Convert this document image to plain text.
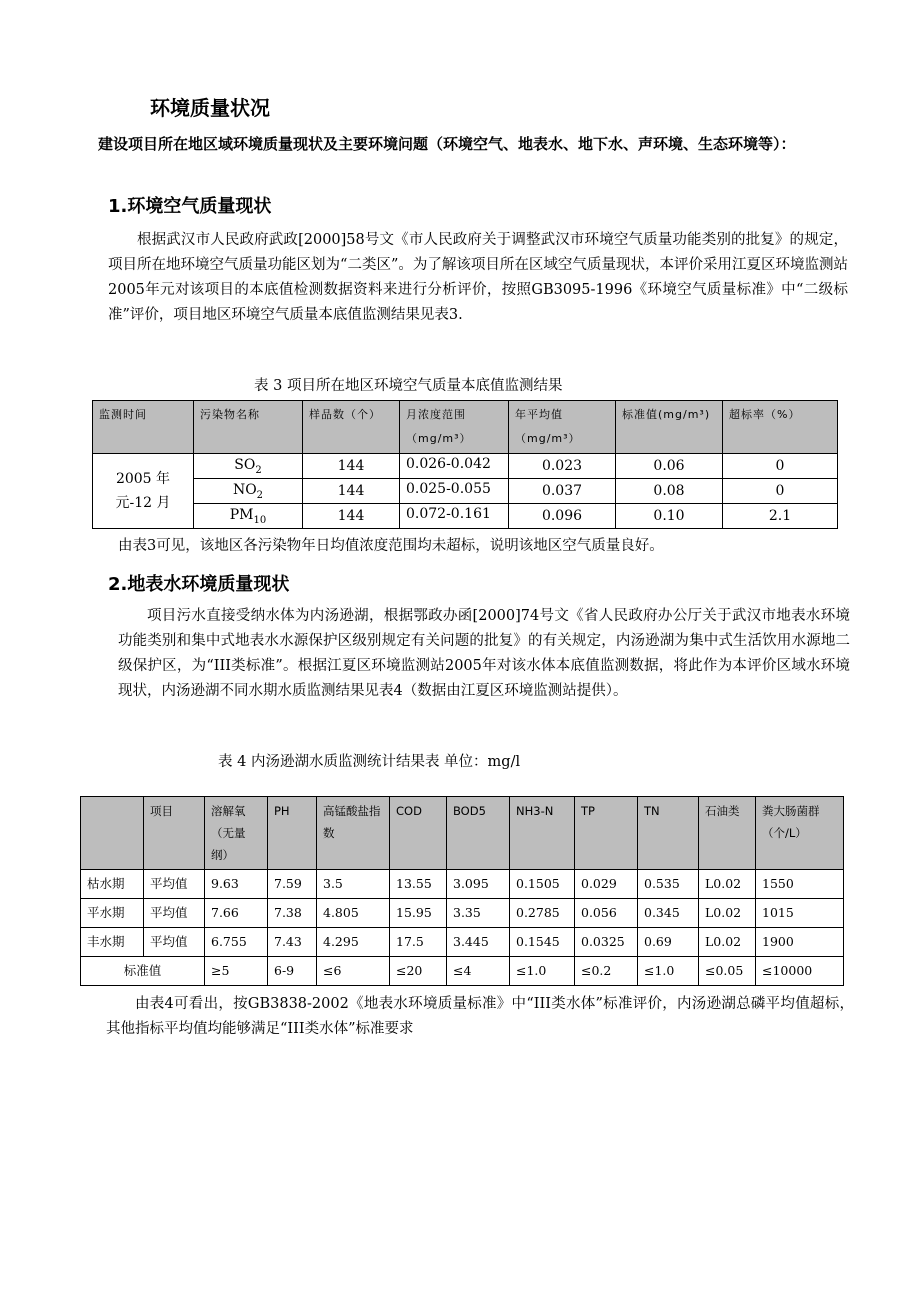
环境质量状况
建设项目所在地区域环境质量现状及主要环境问题（环境空气、地表水、地下水、声环境、生态环境等）：
1.环境空气质量现状
根据武汉市人民政府武政[2000]58号文《市人民政府关于调整武汉市环境空气质量功能类别的批复》的规定，项目所在地环境空气质量功能区划为“二类区”。为了解该项目所在区域空气质量现状，本评价采用江夏区环境监测站2005年元对该项目的本底值检测数据资料来进行分析评价，按照GB3095-1996《环境空气质量标准》中“二级标准”评价，项目地区环境空气质量本底值监测结果见表3.
表 3 项目所在地区环境空气质量本底值监测结果
监测时间	污染物名称	样品数（个）	月浓度范围（mg/m³）	年平均值（mg/m³）	标准值(mg/m³)	超标率（%）
2005 年 元-12 月	$SO_2$	144	0.026-0.042	0.023	0.06	0
	$NO_2$	144	0.025-0.055	0.037	0.08	0
	$PM_{10}$	144	0.072-0.161	0.096	0.10	2.1
由表3可见，该地区各污染物年日均值浓度范围均未超标，说明该地区空气质量良好。
2.地表水环境质量现状
项目污水直接受纳水体为内汤逊湖，根据鄂政办函[2000]74号文《省人民政府办公厅关于武汉市地表水环境功能类别和集中式地表水水源保护区级别规定有关问题的批复》的有关规定，内汤逊湖为集中式生活饮用水源地二级保护区，为“III类标准”。根据江夏区环境监测站2005年对该水体本底值监测数据，将此作为本评价区域水环境现状，内汤逊湖不同水期水质监测结果见表4（数据由江夏区环境监测站提供）。
表 4 内汤逊湖水质监测统计结果表 单位：mg/l
	项目	溶解氧（无量纲）	PH	高锰酸盐指数	COD	BOD5	NH3-N	TP	TN	石油类	粪大肠菌群（个/L）
枯水期	平均值	9.63	7.59	3.5	13.55	3.095	0.1505	0.029	0.535	L0.02	1550
平水期	平均值	7.66	7.38	4.805	15.95	3.35	0.2785	0.056	0.345	L0.02	1015
丰水期	平均值	6.755	7.43	4.295	17.5	3.445	0.1545	0.0325	0.69	L0.02	1900
标准值		≥5	6-9	≤6	≤20	≤4	≤1.0	≤0.2	≤1.0	≤0.05	≤10000
由表4可看出，按GB3838-2002《地表水环境质量标准》中“III类水体”标准评价，内汤逊湖总磷平均值超标，其他指标平均值均能够满足“III类水体”标准要求
